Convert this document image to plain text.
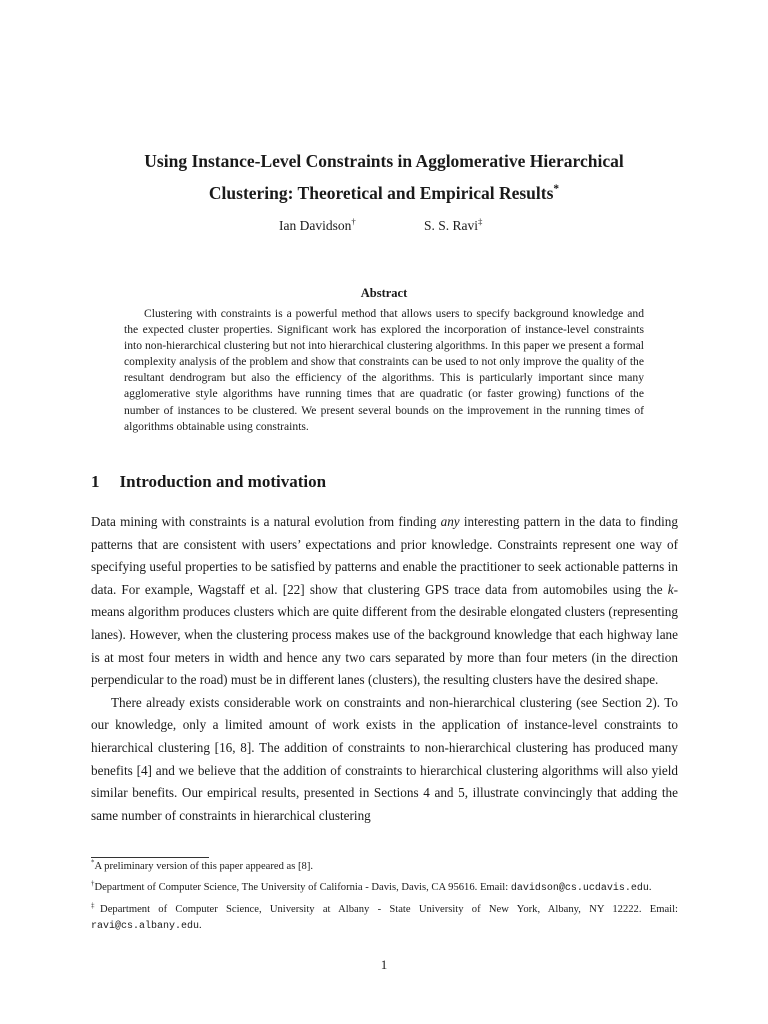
Using Instance-Level Constraints in Agglomerative Hierarchical
Clustering: Theoretical and Empirical Results*
Ian Davidson†	S. S. Ravi‡
Abstract
Clustering with constraints is a powerful method that allows users to specify background knowledge and the expected cluster properties. Significant work has explored the incorporation of instance-level constraints into non-hierarchical clustering but not into hierarchical clustering algorithms. In this paper we present a formal complexity analysis of the problem and show that constraints can be used to not only improve the quality of the resultant dendrogram but also the efficiency of the algorithms. This is particularly important since many agglomerative style algorithms have running times that are quadratic (or faster growing) functions of the number of instances to be clustered. We present several bounds on the improvement in the running times of algorithms obtainable using constraints.
1 Introduction and motivation

Data mining with constraints is a natural evolution from finding any interesting pattern in the data to finding patterns that are consistent with users’ expectations and prior knowledge. Constraints represent one way of specifying useful properties to be satisfied by patterns and enable the practitioner to seek actionable patterns in data. For example, Wagstaff et al. [22] show that clustering GPS trace data from automobiles using the k-means algorithm produces clusters which are quite different from the desirable elongated clusters (representing lanes). However, when the clustering process makes use of the background knowledge that each highway lane is at most four meters in width and hence any two cars separated by more than four meters (in the direction perpendicular to the road) must be in different lanes (clusters), the resulting clusters have the desired shape.

There already exists considerable work on constraints and non-hierarchical clustering (see Section 2). To our knowledge, only a limited amount of work exists in the application of instance-level constraints to hierarchical clustering [16, 8]. The addition of constraints to non-hierarchical clustering has produced many benefits [4] and we believe that the addition of constraints to hierarchical clustering algorithms will also yield similar benefits. Our empirical results, presented in Sections 4 and 5, illustrate convincingly that adding the same number of constraints in hierarchical clustering

*A preliminary version of this paper appeared as [8].

†Department of Computer Science, The University of California - Davis, Davis, CA 95616. Email: davidson@cs.ucdavis.edu.

‡Department of Computer Science, University at Albany - State University of New York, Albany, NY 12222. Email: ravi@cs.albany.edu.

1
